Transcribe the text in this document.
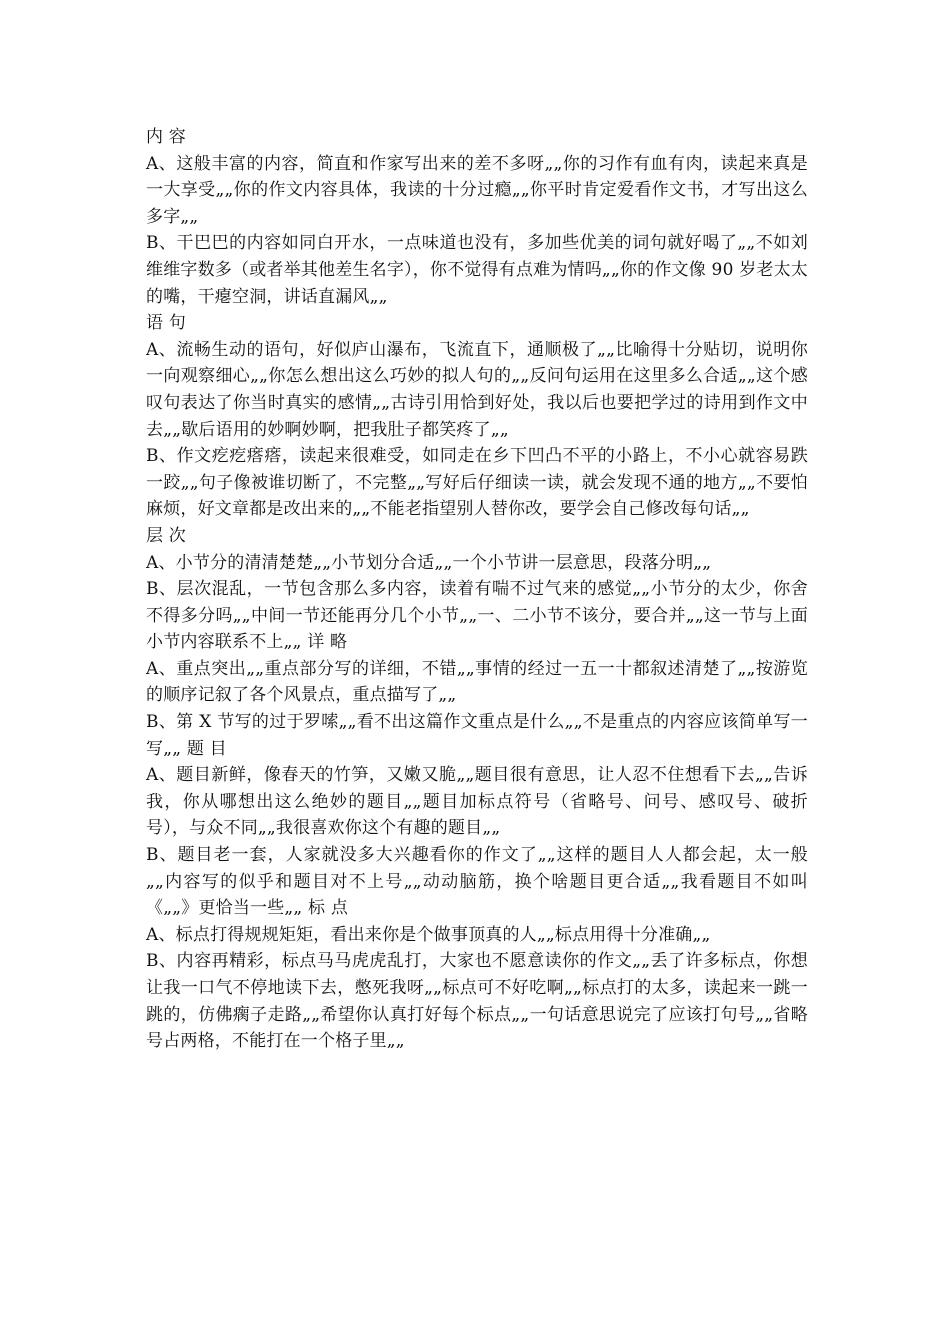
内 容

A、这般丰富的内容，简直和作家写出来的差不多呀„„你的习作有血有肉，读起来真是一大享受„„你的作文内容具体，我读的十分过瘾„„你平时肯定爱看作文书，才写出这么多字„„

B、干巴巴的内容如同白开水，一点味道也没有，多加些优美的词句就好喝了„„不如刘维维字数多（或者举其他差生名字），你不觉得有点难为情吗„„你的作文像 90 岁老太太的嘴，干瘪空洞，讲话直漏风„„

语 句

A、流畅生动的语句，好似庐山瀑布，飞流直下，通顺极了„„比喻得十分贴切，说明你一向观察细心„„你怎么想出这么巧妙的拟人句的„„反问句运用在这里多么合适„„这个感叹句表达了你当时真实的感情„„古诗引用恰到好处，我以后也要把学过的诗用到作文中去„„歇后语用的妙啊妙啊，把我肚子都笑疼了„„

B、作文疙疙瘩瘩，读起来很难受，如同走在乡下凹凸不平的小路上，不小心就容易跌一跤„„句子像被谁切断了，不完整„„写好后仔细读一读，就会发现不通的地方„„不要怕麻烦，好文章都是改出来的„„不能老指望别人替你改，要学会自己修改每句话„„

层 次

A、小节分的清清楚楚„„小节划分合适„„一个小节讲一层意思，段落分明„„

B、层次混乱，一节包含那么多内容，读着有喘不过气来的感觉„„小节分的太少，你舍不得多分吗„„中间一节还能再分几个小节„„一、二小节不该分，要合并„„这一节与上面小节内容联系不上„„ 详 略

A、重点突出„„重点部分写的详细，不错„„事情的经过一五一十都叙述清楚了„„按游览的顺序记叙了各个风景点，重点描写了„„

B、第 X 节写的过于罗嗦„„看不出这篇作文重点是什么„„不是重点的内容应该简单写一写„„ 题 目

A、题目新鲜，像春天的竹笋，又嫩又脆„„题目很有意思，让人忍不住想看下去„„告诉我，你从哪想出这么绝妙的题目„„题目加标点符号（省略号、问号、感叹号、破折号），与众不同„„我很喜欢你这个有趣的题目„„

B、题目老一套，人家就没多大兴趣看你的作文了„„这样的题目人人都会起，太一般„„内容写的似乎和题目对不上号„„动动脑筋，换个啥题目更合适„„我看题目不如叫《„„》更恰当一些„„ 标 点

A、标点打得规规矩矩，看出来你是个做事顶真的人„„标点用得十分准确„„

B、内容再精彩，标点马马虎虎乱打，大家也不愿意读你的作文„„丢了许多标点，你想让我一口气不停地读下去，憋死我呀„„标点可不好吃啊„„标点打的太多，读起来一跳一跳的，仿佛瘸子走路„„希望你认真打好每个标点„„一句话意思说完了应该打句号„„省略号占两格，不能打在一个格子里„„
